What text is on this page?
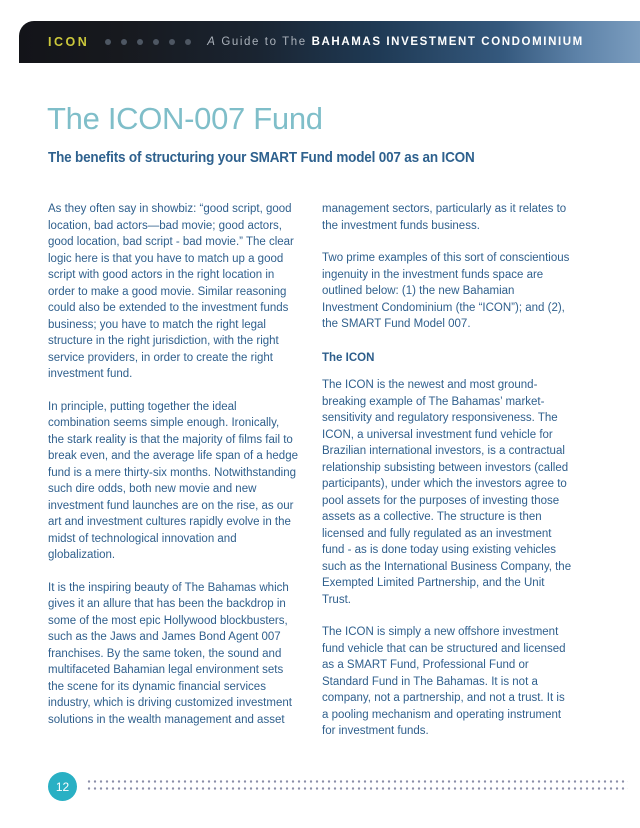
ICON	A Guide to The BAHAMAS INVESTMENT CONDOMINIUM
The ICON-007 Fund
The benefits of structuring your SMART Fund model 007 as an ICON

As they often say in showbiz: “good script, good location, bad actors—bad movie; good actors, good location, bad script - bad movie.” The clear logic here is that you have to match up a good script with good actors in the right location in order to make a good movie. Similar reasoning could also be extended to the investment funds business; you have to match the right legal structure in the right jurisdiction, with the right service providers, in order to create the right investment fund.

In principle, putting together the ideal combination seems simple enough. Ironically, the stark reality is that the majority of films fail to break even, and the average life span of a hedge fund is a mere thirty-six months. Notwithstanding such dire odds, both new movie and new investment fund launches are on the rise, as our art and investment cultures rapidly evolve in the midst of technological innovation and globalization.

It is the inspiring beauty of The Bahamas which gives it an allure that has been the backdrop in some of the most epic Hollywood blockbusters, such as the Jaws and James Bond Agent 007 franchises. By the same token, the sound and multifaceted Bahamian legal environment sets the scene for its dynamic financial services industry, which is driving customized investment solutions in the wealth management and asset

management sectors, particularly as it relates to the investment funds business.

Two prime examples of this sort of conscientious ingenuity in the investment funds space are outlined below: (1) the new Bahamian Investment Condominium (the “ICON”); and (2), the SMART Fund Model 007.

The ICON

The ICON is the newest and most ground-breaking example of The Bahamas’ market-sensitivity and regulatory responsiveness. The ICON, a universal investment fund vehicle for Brazilian international investors, is a contractual relationship subsisting between investors (called participants), under which the investors agree to pool assets for the purposes of investing those assets as a collective. The structure is then licensed and fully regulated as an investment fund - as is done today using existing vehicles such as the International Business Company, the Exempted Limited Partnership, and the Unit Trust.

The ICON is simply a new offshore investment fund vehicle that can be structured and licensed as a SMART Fund, Professional Fund or Standard Fund in The Bahamas. It is not a company, not a partnership, and not a trust. It is a pooling mechanism and operating instrument for investment funds.

12
